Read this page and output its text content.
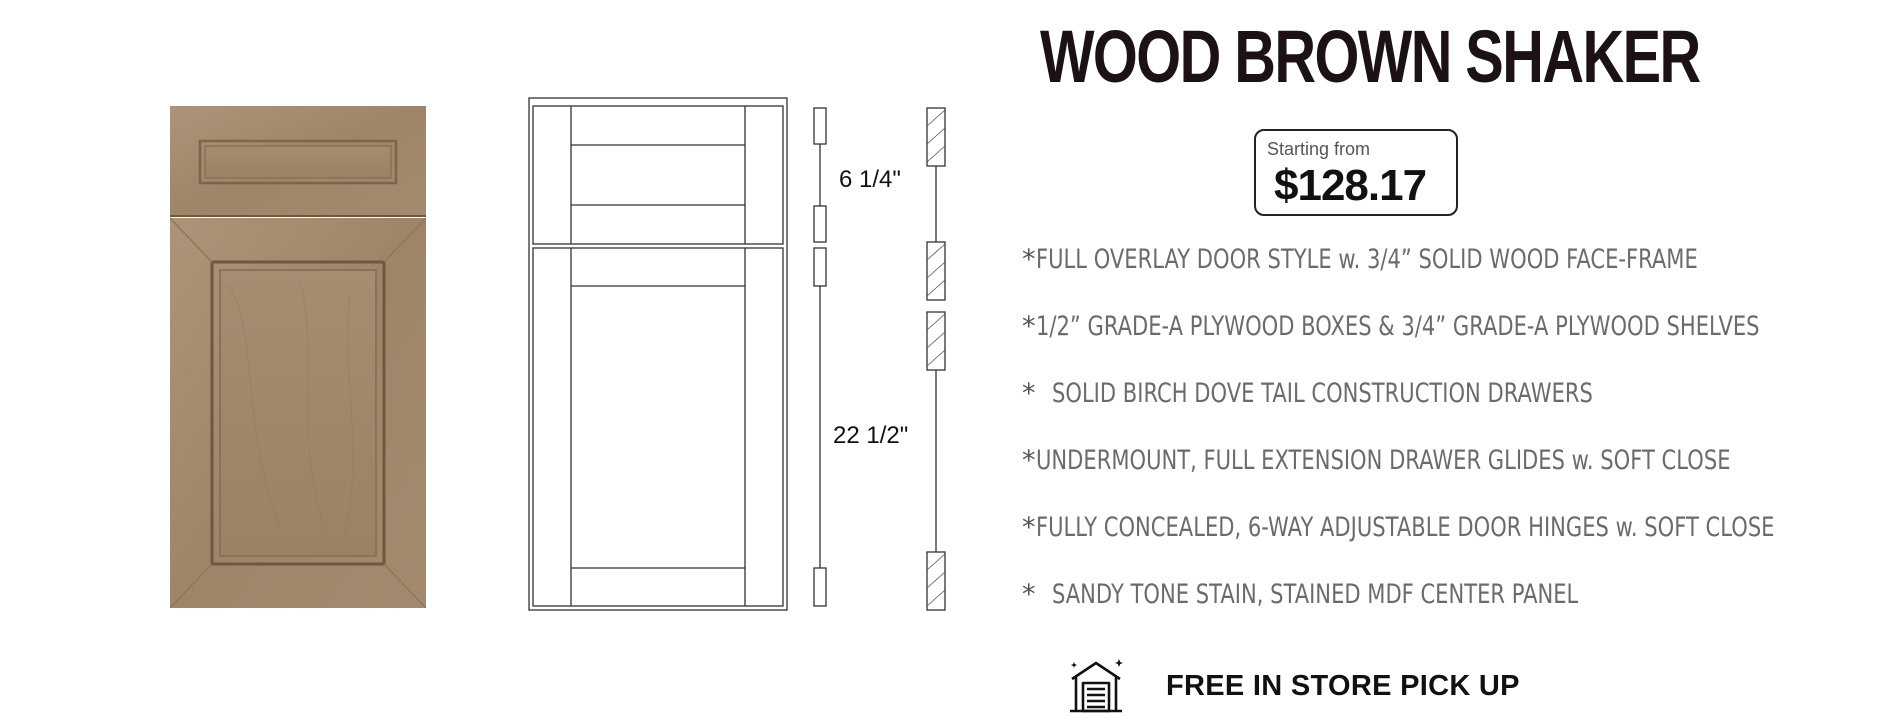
6 1/4"
22 1/2"
WOOD BROWN SHAKER
Starting from
$128.17
* FULL OVERLAY DOOR STYLE w. 3/4” SOLID WOOD FACE-FRAME
* 1/2” GRADE-A PLYWOOD BOXES & 3/4” GRADE-A PLYWOOD SHELVES
* SOLID BIRCH DOVE TAIL CONSTRUCTION DRAWERS
* UNDERMOUNT, FULL EXTENSION DRAWER GLIDES w. SOFT CLOSE
* FULLY CONCEALED, 6-WAY ADJUSTABLE DOOR HINGES w. SOFT CLOSE
* SANDY TONE STAIN, STAINED MDF CENTER PANEL
FREE IN STORE PICK UP
